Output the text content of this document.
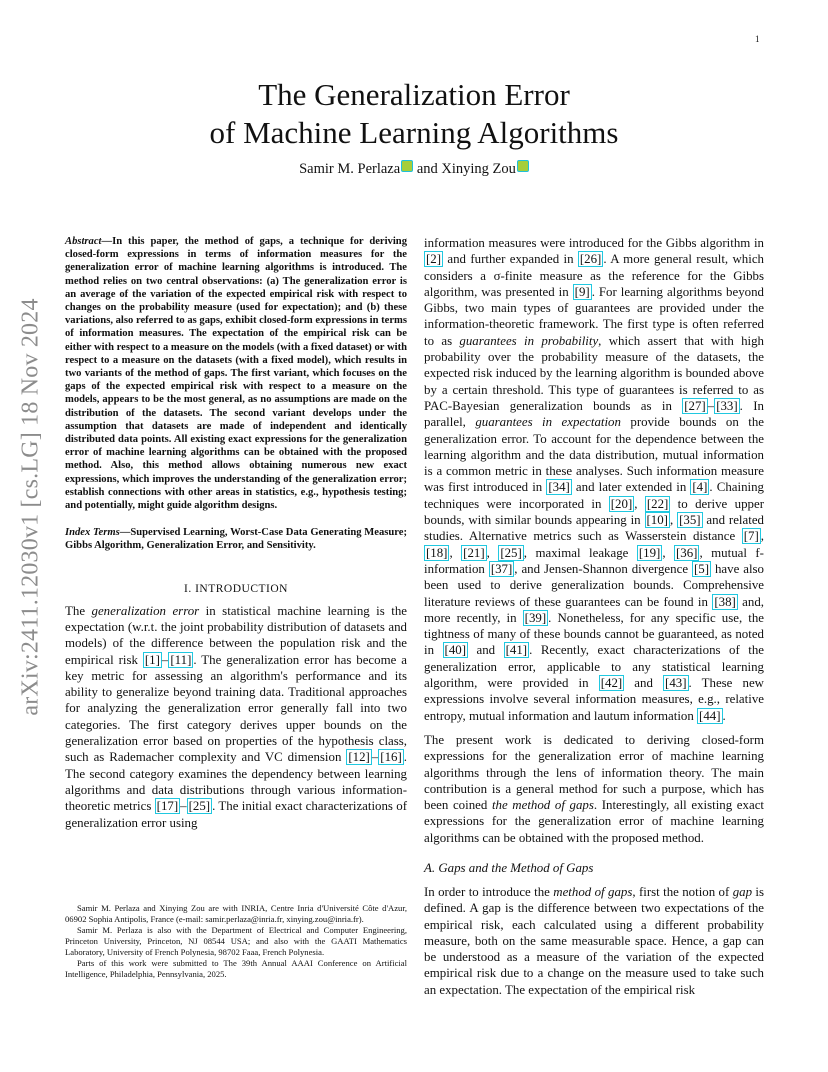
1
arXiv:2411.12030v1 [cs.LG] 18 Nov 2024
The Generalization Error
of Machine Learning Algorithms
Samir M. Perlaza and Xinying Zou

Abstract—In this paper, the method of gaps, a technique for deriving closed-form expressions in terms of information measures for the generalization error of machine learning algorithms is introduced. The method relies on two central observations: (a) The generalization error is an average of the variation of the expected empirical risk with respect to changes on the probability measure (used for expectation); and (b) these variations, also referred to as gaps, exhibit closed-form expressions in terms of information measures. The expectation of the empirical risk can be either with respect to a measure on the models (with a fixed dataset) or with respect to a measure on the datasets (with a fixed model), which results in two variants of the method of gaps. The first variant, which focuses on the gaps of the expected empirical risk with respect to a measure on the models, appears to be the most general, as no assumptions are made on the distribution of the datasets. The second variant develops under the assumption that datasets are made of independent and identically distributed data points. All existing exact expressions for the generalization error of machine learning algorithms can be obtained with the proposed method. Also, this method allows obtaining numerous new exact expressions, which improves the understanding of the generalization error; establish connections with other areas in statistics, e.g., hypothesis testing; and potentially, might guide algorithm designs.

Index Terms—Supervised Learning, Worst-Case Data Generating Measure; Gibbs Algorithm, Generalization Error, and Sensitivity.

I. INTRODUCTION

The generalization error in statistical machine learning is the expectation (w.r.t. the joint probability distribution of datasets and models) of the difference between the population risk and the empirical risk [1] – [11] . The generalization error has become a key metric for assessing an algorithm's performance and its ability to generalize beyond training data. Traditional approaches for analyzing the generalization error generally fall into two categories. The first category derives upper bounds on the generalization error based on properties of the hypothesis class, such as Rademacher complexity and VC dimension [12] – [16] . The second category examines the dependency between learning algorithms and data distributions through various information-theoretic metrics [17] – [25] . The initial exact characterizations of generalization error using

information measures were introduced for the Gibbs algorithm in [2] and further expanded in [26] . A more general result, which considers a σ-finite measure as the reference for the Gibbs algorithm, was presented in [9] . For learning algorithms beyond Gibbs, two main types of guarantees are provided under the information-theoretic framework. The first type is often referred to as guarantees in probability, which assert that with high probability over the probability measure of the datasets, the expected risk induced by the learning algorithm is bounded above by a certain threshold. This type of guarantees is referred to as PAC-Bayesian generalization bounds as in [27] – [33] . In parallel, guarantees in expectation provide bounds on the generalization error. To account for the dependence between the learning algorithm and the data distribution, mutual information is a common metric in these analyses. Such information measure was first introduced in [34] and later extended in [4] . Chaining techniques were incorporated in [20] , [22] to derive upper bounds, with similar bounds appearing in [10] , [35] and related studies. Alternative metrics such as Wasserstein distance [7] , [18] , [21] , [25] , maximal leakage [19] , [36] , mutual f-information [37] , and Jensen-Shannon divergence [5] have also been used to derive generalization bounds. Comprehensive literature reviews of these guarantees can be found in [38] and, more recently, in [39] . Nonetheless, for any specific use, the tightness of many of these bounds cannot be guaranteed, as noted in [40] and [41] . Recently, exact characterizations of the generalization error, applicable to any statistical learning algorithm, were provided in [42] and [43] . These new expressions involve several information measures, e.g., relative entropy, mutual information and lautum information [44] .

The present work is dedicated to deriving closed-form expressions for the generalization error of machine learning algorithms through the lens of information theory. The main contribution is a general method for such a purpose, which has been coined the method of gaps. Interestingly, all existing exact expressions for the generalization error of machine learning algorithms can be obtained with the proposed method.

A. Gaps and the Method of Gaps

In order to introduce the method of gaps, first the notion of gap is defined. A gap is the difference between two expectations of the empirical risk, each calculated using a different probability measure, both on the same measurable space. Hence, a gap can be understood as a measure of the variation of the expected empirical risk due to a change on the measure used to take such an expectation. The expectation of the empirical risk

Samir M. Perlaza and Xinying Zou are with INRIA, Centre Inria d'Université Côte d'Azur, 06902 Sophia Antipolis, France (e-mail: samir.perlaza@inria.fr, xinying.zou@inria.fr).

Samir M. Perlaza is also with the Department of Electrical and Computer Engineering, Princeton University, Princeton, NJ 08544 USA; and also with the GAATI Mathematics Laboratory, University of French Polynesia, 98702 Faaa, French Polynesia.

Parts of this work were submitted to The 39th Annual AAAI Conference on Artificial Intelligence, Philadelphia, Pennsylvania, 2025.
